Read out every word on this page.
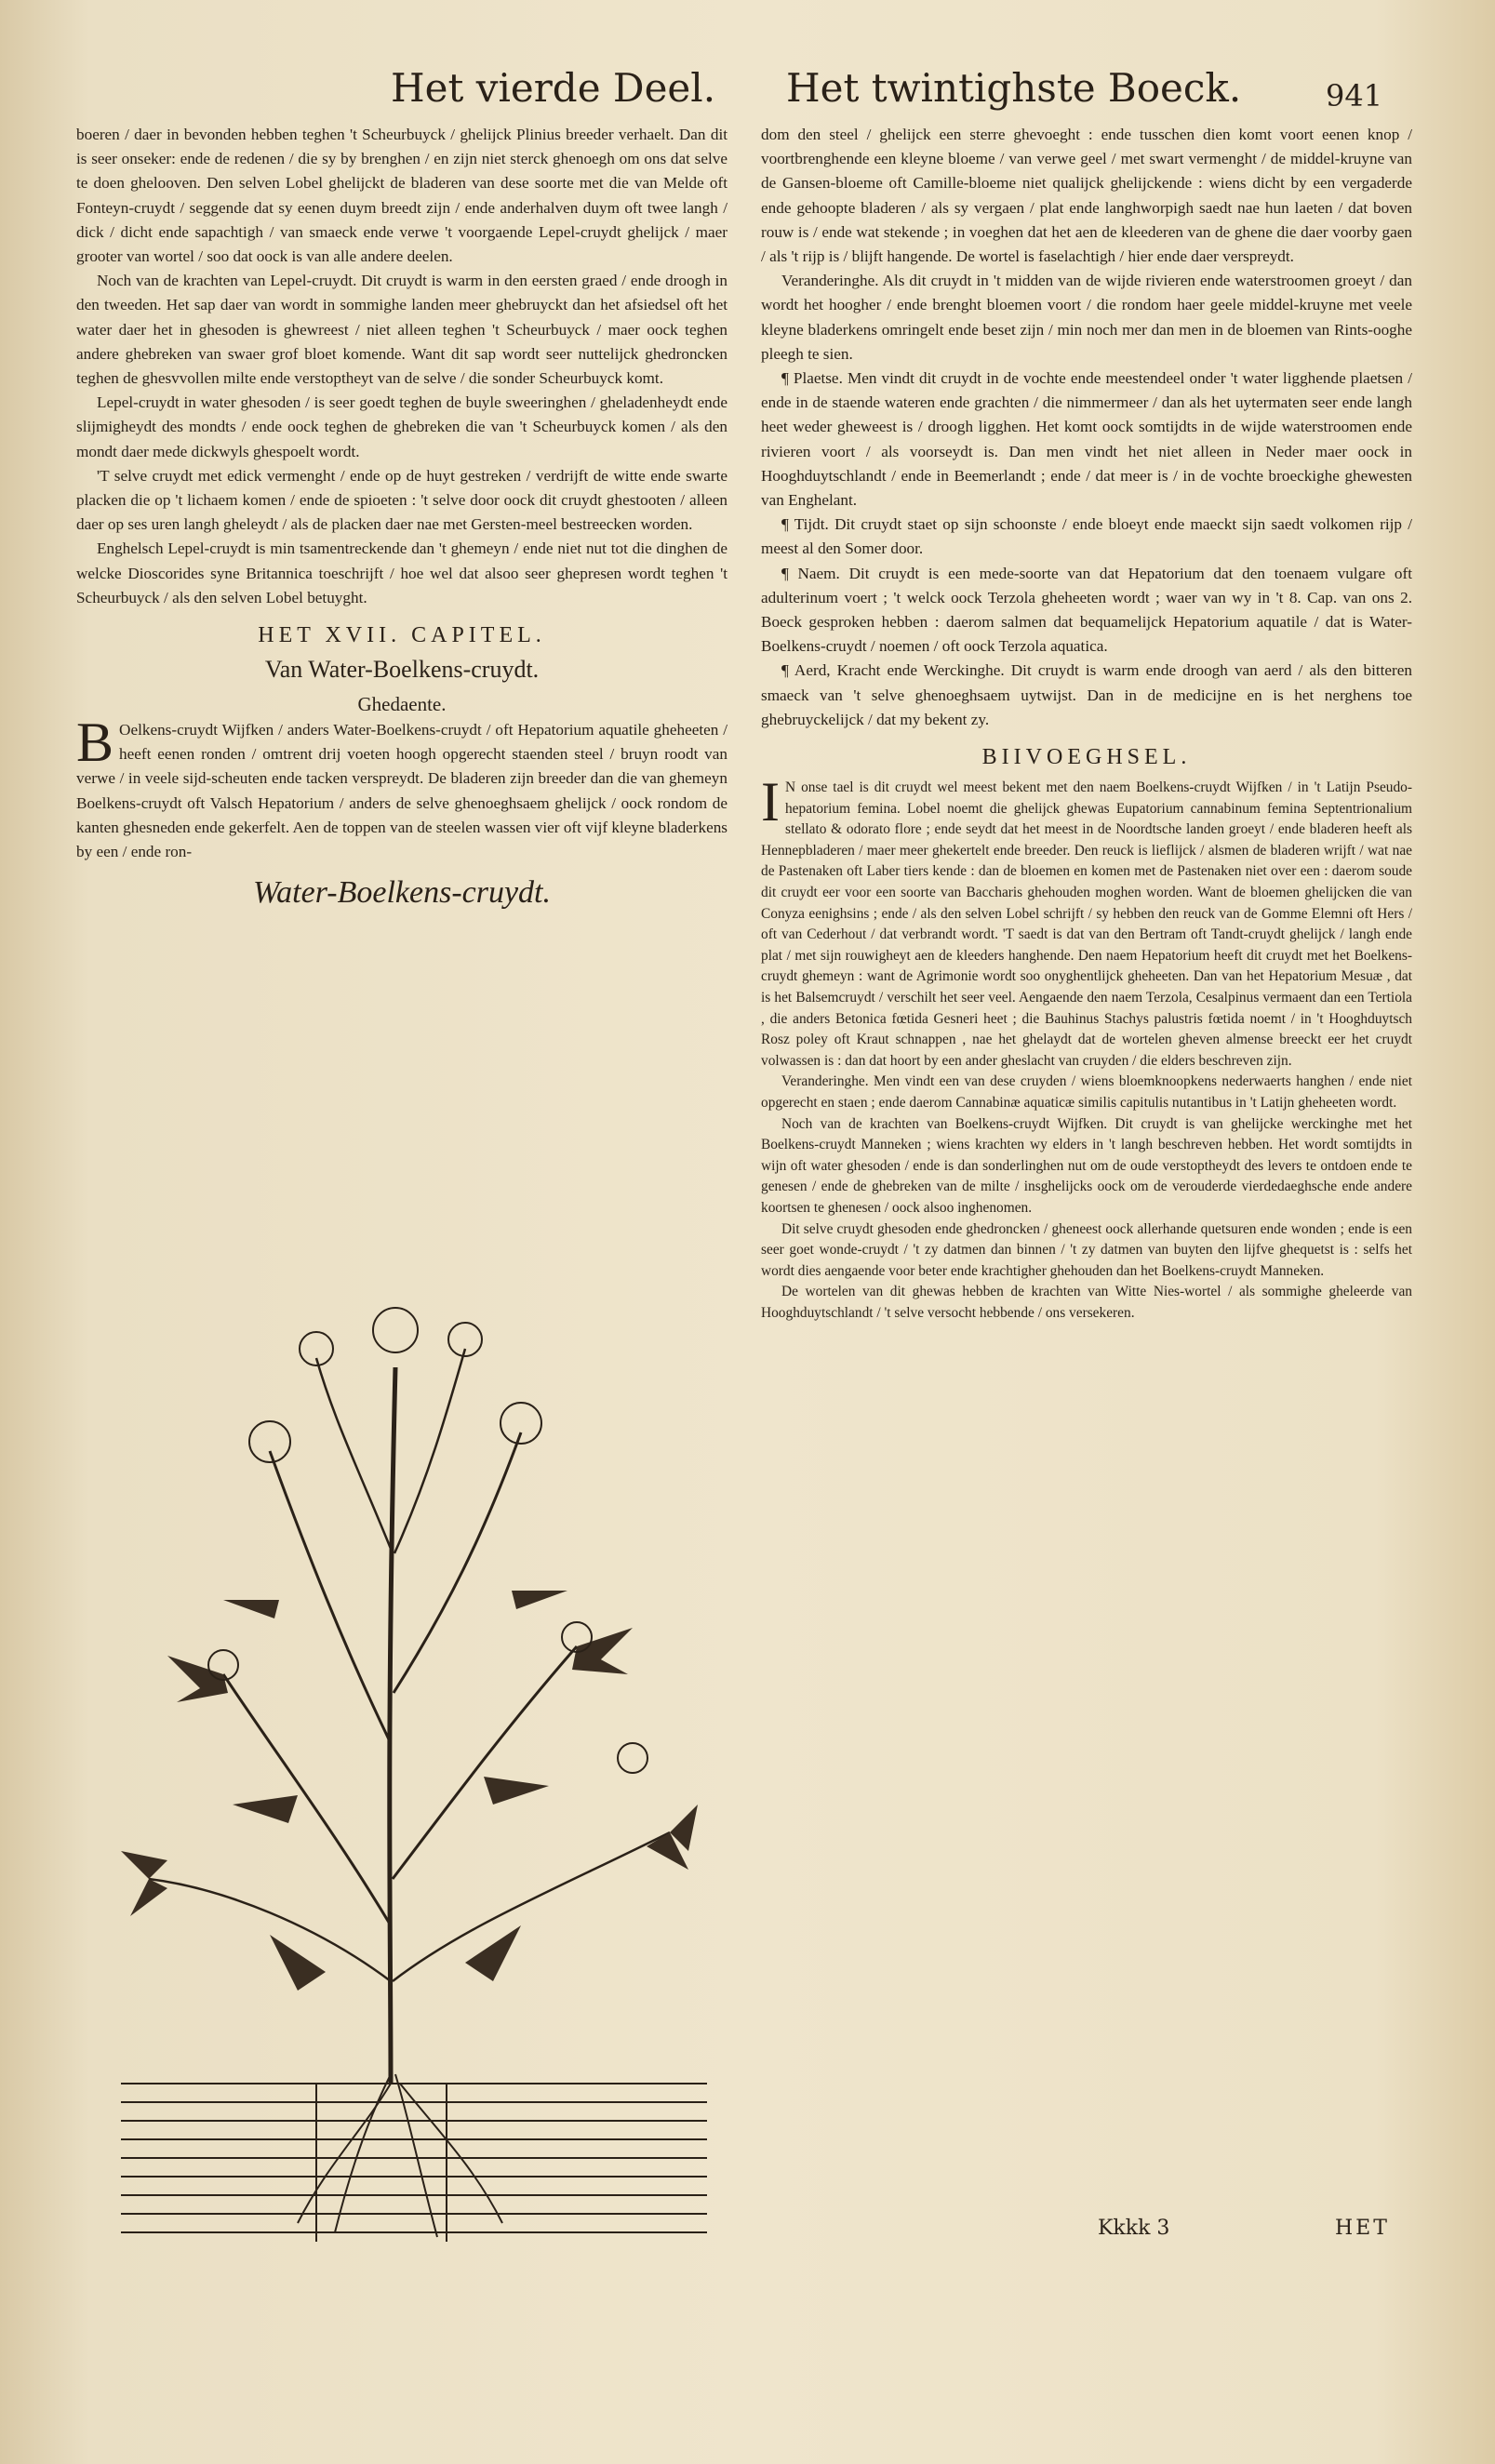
Het vierde Deel. Het twintighste Boeck.	941

boeren / daer in bevonden hebben teghen 't Scheurbuyck / ghelijck Plinius breeder verhaelt. Dan dit is seer onseker: ende de redenen / die sy by brenghen / en zijn niet sterck ghenoegh om ons dat selve te doen ghelooven. Den selven Lobel ghelijckt de bladeren van dese soorte met die van Melde oft Fonteyn-cruydt / seggende dat sy eenen duym breedt zijn / ende anderhalven duym oft twee langh / dick / dicht ende sapachtigh / van smaeck ende verwe 't voorgaende Lepel-cruydt ghelijck / maer grooter van wortel / soo dat oock is van alle andere deelen.

Noch van de krachten van Lepel-cruydt. Dit cruydt is warm in den eersten graed / ende droogh in den tweeden. Het sap daer van wordt in sommighe landen meer ghebruyckt dan het afsiedsel oft het water daer het in ghesoden is ghewreest / niet alleen teghen 't Scheurbuyck / maer oock teghen andere ghebreken van swaer grof bloet komende. Want dit sap wordt seer nuttelijck ghedroncken teghen de ghesvvollen milte ende verstoptheyt van de selve / die sonder Scheurbuyck komt.

Lepel-cruydt in water ghesoden / is seer goedt teghen de buyle sweeringhen / gheladenheydt ende slijmigheydt des mondts / ende oock teghen de ghebreken die van 't Scheurbuyck komen / als den mondt daer mede dickwyls ghespoelt wordt.

'T selve cruydt met edick vermenght / ende op de huyt gestreken / verdrijft de witte ende swarte placken die op 't lichaem komen / ende de spioeten : 't selve door oock dit cruydt ghestooten / alleen daer op ses uren langh gheleydt / als de placken daer nae met Gersten-meel bestreecken worden.

Enghelsch Lepel-cruydt is min tsamentreckende dan 't ghemeyn / ende niet nut tot die dinghen de welcke Dioscorides syne Britannica toeschrijft / hoe wel dat alsoo seer ghepresen wordt teghen 't Scheurbuyck / als den selven Lobel betuyght.

HET XVII. CAPITEL.
Van Water-Boelkens-cruydt.
Ghedaente.

B Oelkens-cruydt Wijfken / anders Water-Boelkens-cruydt / oft Hepatorium aquatile gheheeten / heeft eenen ronden / omtrent drij voeten hoogh opgerecht staenden steel / bruyn roodt van verwe / in veele sijd-scheuten ende tacken verspreydt. De bladeren zijn breeder dan die van ghemeyn Boelkens-cruydt oft Valsch Hepatorium / anders de selve ghenoeghsaem ghelijck / oock rondom de kanten ghesneden ende gekerfelt. Aen de toppen van de steelen wassen vier oft vijf kleyne bladerkens by een / ende ron-

Water-Boelkens-cruydt.

dom den steel / ghelijck een sterre ghevoeght : ende tusschen dien komt voort eenen knop / voortbrenghende een kleyne bloeme / van verwe geel / met swart vermenght / de middel-kruyne van de Gansen-bloeme oft Camille-bloeme niet qualijck ghelijckende : wiens dicht by een vergaderde ende gehoopte bladeren / als sy vergaen / plat ende langhworpigh saedt nae hun laeten / dat boven rouw is / ende wat stekende ; in voeghen dat het aen de kleederen van de ghene die daer voorby gaen / als 't rijp is / blijft hangende. De wortel is faselachtigh / hier ende daer verspreydt.

Veranderinghe. Als dit cruydt in 't midden van de wijde rivieren ende waterstroomen groeyt / dan wordt het hoogher / ende brenght bloemen voort / die rondom haer geele middel-kruyne met veele kleyne bladerkens omringelt ende beset zijn / min noch mer dan men in de bloemen van Rints-ooghe pleegh te sien.

¶ Plaetse. Men vindt dit cruydt in de vochte ende meestendeel onder 't water ligghende plaetsen / ende in de staende wateren ende grachten / die nimmermeer / dan als het uytermaten seer ende langh heet weder gheweest is / droogh ligghen. Het komt oock somtijdts in de wijde waterstroomen ende rivieren voort / als voorseydt is. Dan men vindt het niet alleen in Neder maer oock in Hooghduytschlandt / ende in Beemerlandt ; ende / dat meer is / in de vochte broeckighe ghewesten van Enghelant.

¶ Tijdt. Dit cruydt staet op sijn schoonste / ende bloeyt ende maeckt sijn saedt volkomen rijp / meest al den Somer door.

¶ Naem. Dit cruydt is een mede-soorte van dat Hepatorium dat den toenaem vulgare oft adulterinum voert ; 't welck oock Terzola gheheeten wordt ; waer van wy in 't 8. Cap. van ons 2. Boeck gesproken hebben : daerom salmen dat bequamelijck Hepatorium aquatile / dat is Water-Boelkens-cruydt / noemen / oft oock Terzola aquatica.

¶ Aerd, Kracht ende Werckinghe. Dit cruydt is warm ende droogh van aerd / als den bitteren smaeck van 't selve ghenoeghsaem uytwijst. Dan in de medicijne en is het nerghens toe ghebruyckelijck / dat my bekent zy.

BIIVOEGHSEL.

I N onse tael is dit cruydt wel meest bekent met den naem Boelkens-cruydt Wijfken / in 't Latijn Pseudo-hepatorium femina. Lobel noemt die ghelijck ghewas Eupatorium cannabinum femina Septentrionalium stellato & odorato flore ; ende seydt dat het meest in de Noordtsche landen groeyt / ende bladeren heeft als Hennepbladeren / maer meer ghekertelt ende breeder. Den reuck is lieflijck / alsmen de bladeren wrijft / wat nae de Pastenaken oft Laber tiers kende : dan de bloemen en komen met de Pastenaken niet over een : daerom soude dit cruydt eer voor een soorte van Baccharis ghehouden moghen worden. Want de bloemen ghelijcken die van Conyza eenighsins ; ende / als den selven Lobel schrijft / sy hebben den reuck van de Gomme Elemni oft Hers / oft van Cederhout / dat verbrandt wordt. 'T saedt is dat van den Bertram oft Tandt-cruydt ghelijck / langh ende plat / met sijn rouwigheyt aen de kleeders hanghende. Den naem Hepatorium heeft dit cruydt met het Boelkens-cruydt ghemeyn : want de Agrimonie wordt soo onyghentlijck gheheeten. Dan van het Hepatorium Mesuæ , dat is het Balsemcruydt / verschilt het seer veel. Aengaende den naem Terzola, Cesalpinus vermaent dan een Tertiola , die anders Betonica fœtida Gesneri heet ; die Bauhinus Stachys palustris fœtida noemt / in 't Hooghduytsch Rosz poley oft Kraut schnappen , nae het ghelaydt dat de wortelen gheven almense breeckt eer het cruydt volwassen is : dan dat hoort by een ander gheslacht van cruyden / die elders beschreven zijn.

Veranderinghe. Men vindt een van dese cruyden / wiens bloemknoopkens nederwaerts hanghen / ende niet opgerecht en staen ; ende daerom Cannabinæ aquaticæ similis capitulis nutantibus in 't Latijn gheheeten wordt.

Noch van de krachten van Boelkens-cruydt Wijfken. Dit cruydt is van ghelijcke werckinghe met het Boelkens-cruydt Manneken ; wiens krachten wy elders in 't langh beschreven hebben. Het wordt somtijdts in wijn oft water ghesoden / ende is dan sonderlinghen nut om de oude verstoptheydt des levers te ontdoen ende te genesen / ende de ghebreken van de milte / insghelijcks oock om de verouderde vierdedaeghsche ende andere koortsen te ghenesen / oock alsoo inghenomen.

Dit selve cruydt ghesoden ende ghedroncken / gheneest oock allerhande quetsuren ende wonden ; ende is een seer goet wonde-cruydt / 't zy datmen dan binnen / 't zy datmen van buyten den lijfve ghequetst is : selfs het wordt dies aengaende voor beter ende krachtigher ghehouden dan het Boelkens-cruydt Manneken.

De wortelen van dit ghewas hebben de krachten van Witte Nies-wortel / als sommighe gheleerde van Hooghduytschlandt / 't selve versocht hebbende / ons versekeren.

Kkkk 3	HET
